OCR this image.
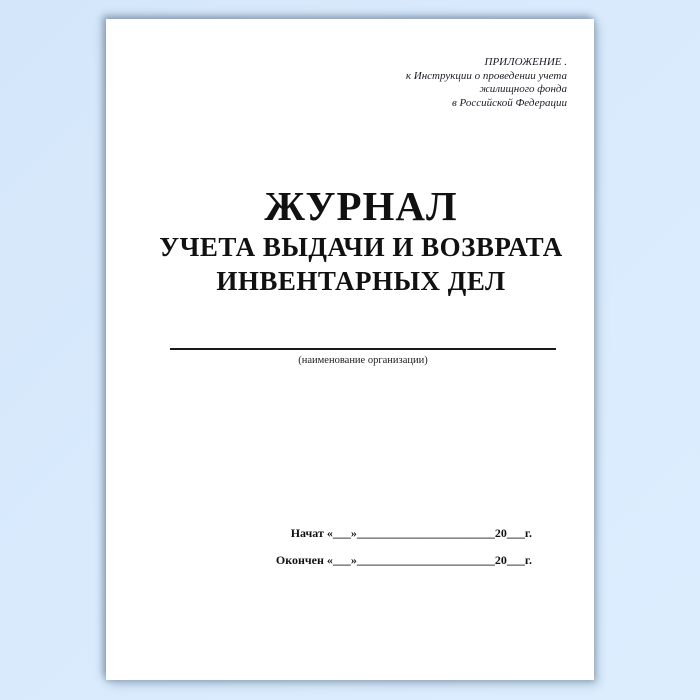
ПРИЛОЖЕНИЕ .
к Инструкции о проведении учета
жилищного фонда
в Российской Федерации
ЖУРНАЛ
УЧЕТА ВЫДАЧИ И ВОЗВРАТА
ИНВЕНТАРНЫХ ДЕЛ
(наименование организации)
Начат «___»_______________________20___г.
Окончен «___»_______________________20___г.
